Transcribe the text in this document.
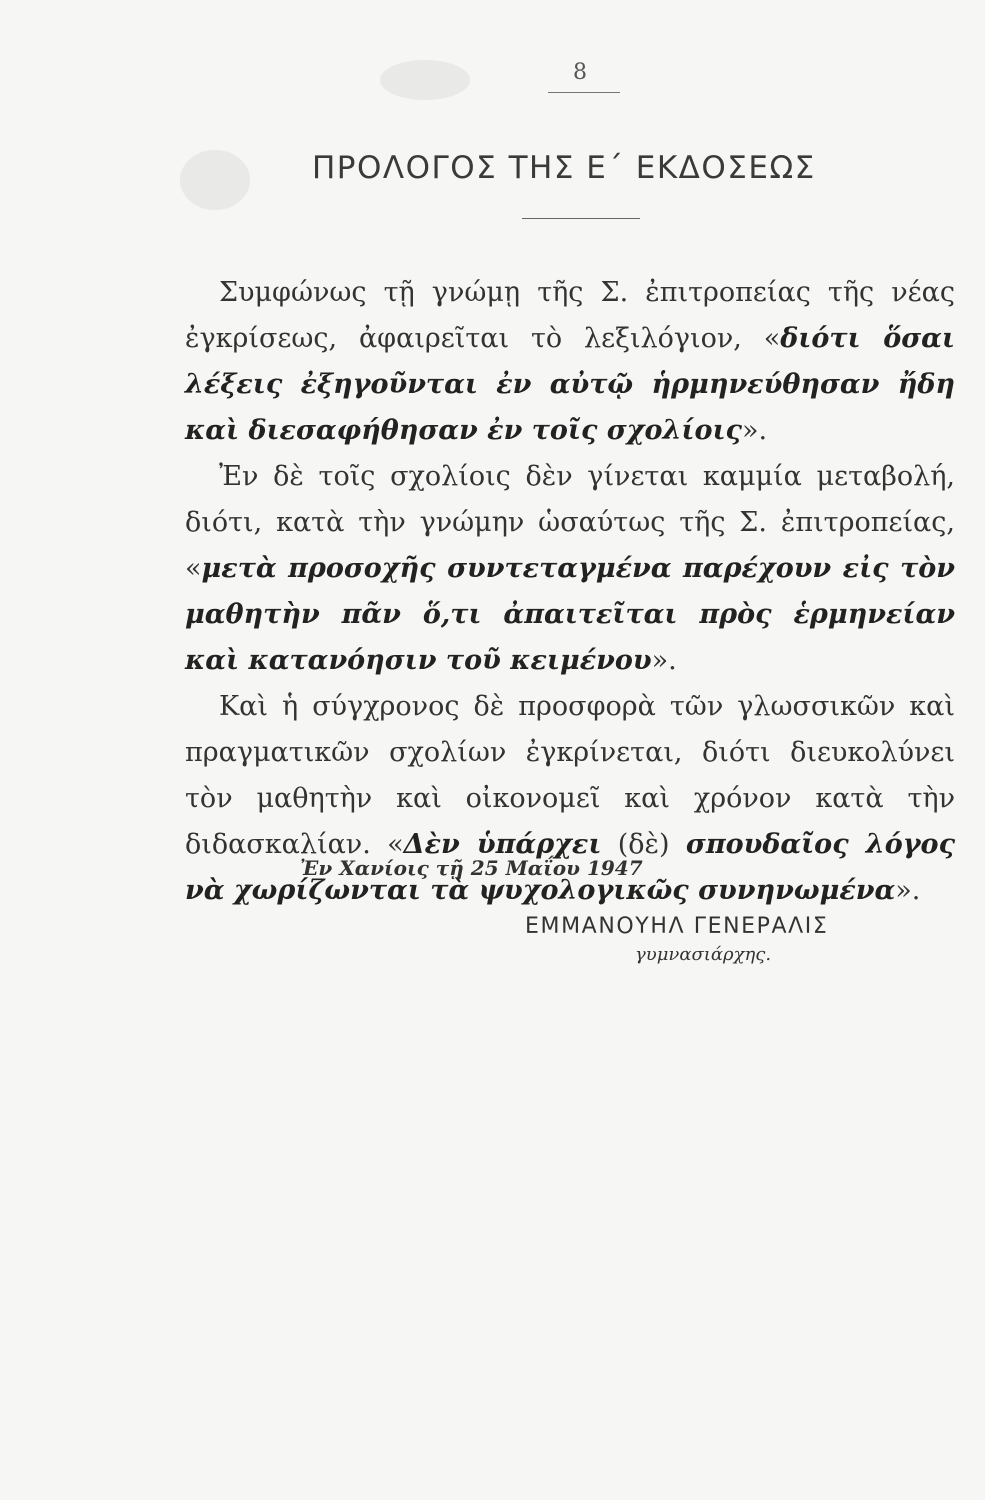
8
ΠΡΟΛΟΓΟΣ ΤΗΣ Ε΄ ΕΚΔΟΣΕΩΣ

Συμφώνως τῇ γνώμῃ τῆς Σ. ἐπιτροπείας τῆς νέας ἐγκρίσεως, ἀφαιρεῖται τὸ λεξιλόγιον, «διότι ὅσαι λέξεις ἐξηγοῦνται ἐν αὐτῷ ἡρμηνεύθησαν ἤδη καὶ διεσαφήθησαν ἐν τοῖς σχολίοις».

Ἐν δὲ τοῖς σχολίοις δὲν γίνεται καμμία μεταβολή, διότι, κατὰ τὴν γνώμην ὡσαύτως τῆς Σ. ἐπιτροπείας, «μετὰ προσοχῆς συντεταγμένα παρέχουν εἰς τὸν μαθητὴν πᾶν ὅ,τι ἀπαιτεῖται πρὸς ἑρμηνείαν καὶ κατανόησιν τοῦ κειμένου».

Καὶ ἡ σύγχρονος δὲ προσφορὰ τῶν γλωσσικῶν καὶ πραγματικῶν σχολίων ἐγκρίνεται, διότι διευκολύνει τὸν μαθητὴν καὶ οἰκονομεῖ καὶ χρόνον κατὰ τὴν διδασκαλίαν. «Δὲν ὑπάρχει (δὲ) σπουδαῖος λόγος νὰ χωρίζωνται τὰ ψυχολογικῶς συνηνωμένα».

Ἐν Χανίοις τῇ 25 Μαΐου 1947
ΕΜΜΑΝΟΥΗΛ ΓΕΝΕΡΑΛΙΣ
γυμνασιάρχης.
